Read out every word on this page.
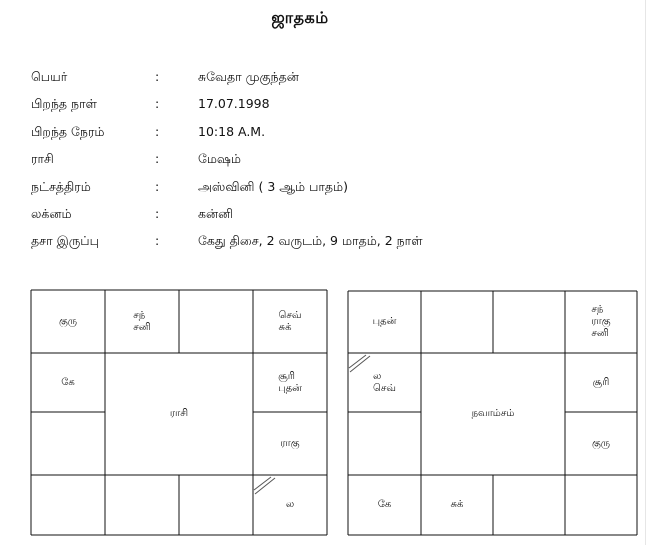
ஜாதகம்
பெயர்	:	சுவேதா முகுந்தன்
பிறந்த நாள்	:	17.07.1998
பிறந்த நேரம்	:	10:18 A.M.
ராசி	:	மேஷம்
நட்சத்திரம்	:	அஸ்வினி ( 3 ஆம் பாதம்)
லக்னம்	:	கன்னி
தசா இருப்பு	:	கேது திசை, 2 வருடம், 9 மாதம், 2 நாள்
குரு
சந்
சனி
செவ்
சுக்
கே
சூரி
புதன்
ராகு
ல
ராசி
புதன்
சந்
ராகு
சனி
ல
செவ்
சூரி
குரு
கே	சுக்
நவாம்சம்
